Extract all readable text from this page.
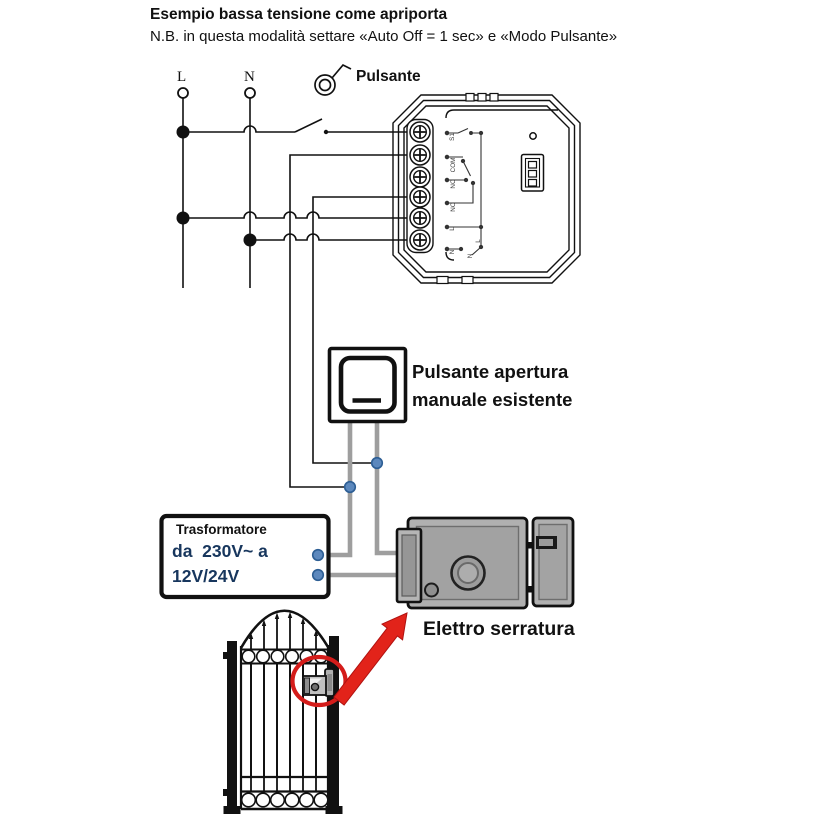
S1
COM
NC
NO
L
N
L
N
Esempio bassa tensione come apriporta
N.B. in questa modalità settare «Auto Off = 1 sec» e «Modo Pulsante»
L	N	Pulsante
Pulsante apertura
manuale esistente
Trasformatore
da  230V~ a
12V/24V
Elettro serratura
